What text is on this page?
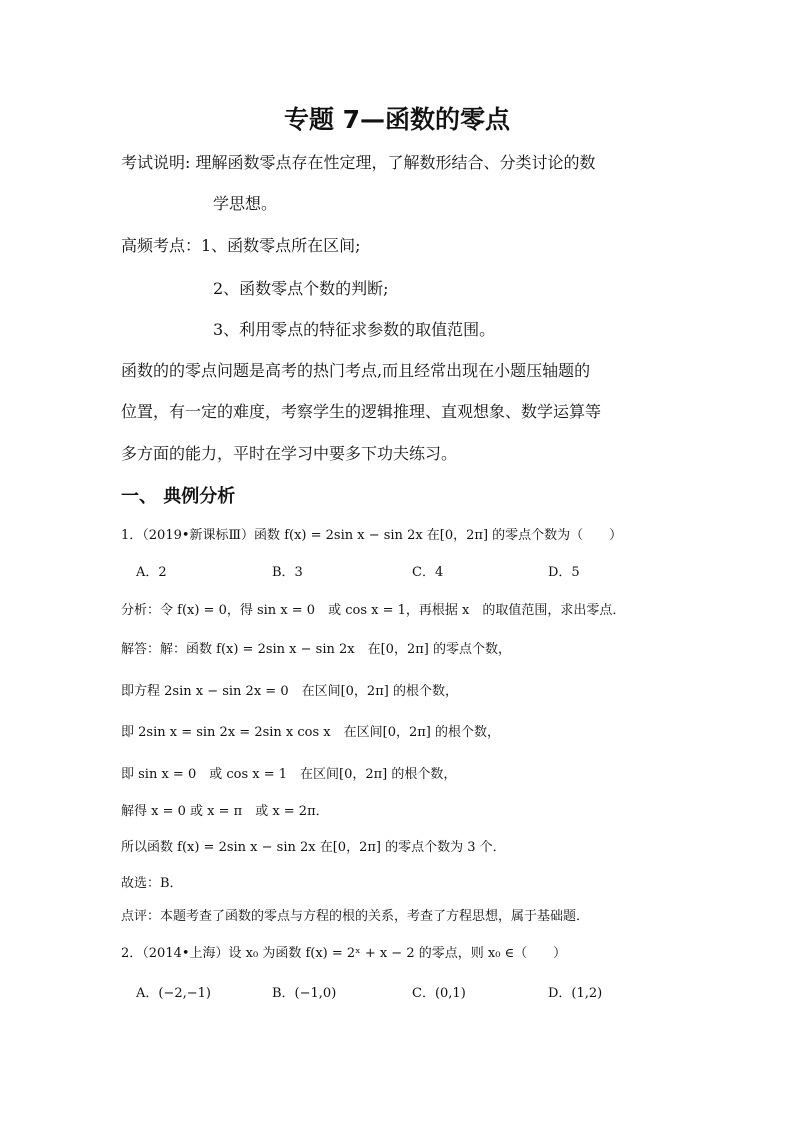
专题 7—函数的零点
考试说明: 理解函数零点存在性定理，了解数形结合、分类讨论的数
学思想。
高频考点：1、函数零点所在区间;
2、函数零点个数的判断;
3、利用零点的特征求参数的取值范围。
函数的的零点问题是高考的热门考点,而且经常出现在小题压轴题的
位置，有一定的难度，考察学生的逻辑推理、直观想象、数学运算等
多方面的能力，平时在学习中要多下功夫练习。
一、 典例分析
1．（2019•新课标Ⅲ）函数 f(x) = 2sin x − sin 2x 在[0，2π] 的零点个数为（　　）
A．2	B．3	C．4	D．5
分析：令 f(x) = 0，得 sin x = 0　或 cos x = 1，再根据 x　的取值范围，求出零点．
解答：解：函数 f(x) = 2sin x − sin 2x　在[0，2π] 的零点个数，
即方程 2sin x − sin 2x = 0　在区间[0，2π] 的根个数，
即 2sin x = sin 2x = 2sin x cos x　在区间[0，2π] 的根个数，
即 sin x = 0　或 cos x = 1　在区间[0，2π] 的根个数，
解得 x = 0 或 x = π　或 x = 2π．
所以函数 f(x) = 2sin x − sin 2x 在[0，2π] 的零点个数为 3 个．
故选：B．
点评：本题考查了函数的零点与方程的根的关系，考查了方程思想，属于基础题．
2．（2014•上海）设 x₀ 为函数 f(x) = 2ˣ + x − 2 的零点，则 x₀ ∈（　　）
A．(−2,−1)	B．(−1,0)	C．(0,1)	D．(1,2)
